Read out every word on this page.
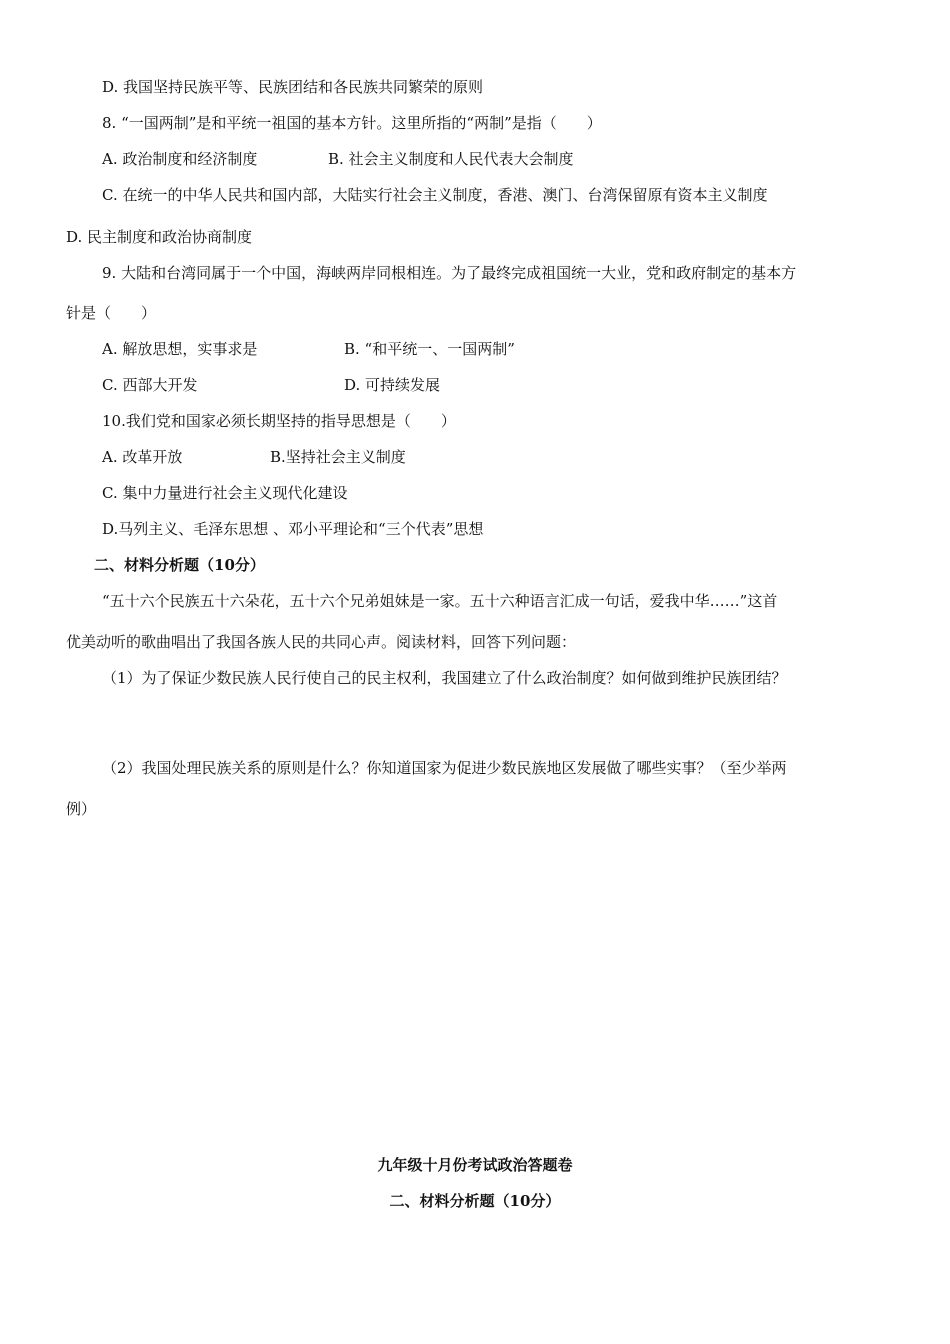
D. 我国坚持民族平等、民族团结和各民族共同繁荣的原则
8. “一国两制”是和平统一祖国的基本方针。这里所指的“两制”是指（　　）
A. 政治制度和经济制度	B. 社会主义制度和人民代表大会制度
C. 在统一的中华人民共和国内部，大陆实行社会主义制度，香港、澳门、台湾保留原有资本主义制度
D. 民主制度和政治协商制度
9. 大陆和台湾同属于一个中国，海峡两岸同根相连。为了最终完成祖国统一大业，党和政府制定的基本方
针是（　　）
A. 解放思想，实事求是	B. “和平统一、一国两制”
C. 西部大开发	D. 可持续发展
10.我们党和国家必须长期坚持的指导思想是（　　）
A. 改革开放	B.坚持社会主义制度
C. 集中力量进行社会主义现代化建设
D.马列主义、毛泽东思想 、邓小平理论和“三个代表”思想
二、材料分析题（10分）
“五十六个民族五十六朵花，五十六个兄弟姐妹是一家。五十六种语言汇成一句话，爱我中华……”这首
优美动听的歌曲唱出了我国各族人民的共同心声。阅读材料，回答下列问题：
（1）为了保证少数民族人民行使自己的民主权利，我国建立了什么政治制度？如何做到维护民族团结？
（2）我国处理民族关系的原则是什么？你知道国家为促进少数民族地区发展做了哪些实事？（至少举两
例）
九年级十月份考试政治答题卷
二、材料分析题（10分）
